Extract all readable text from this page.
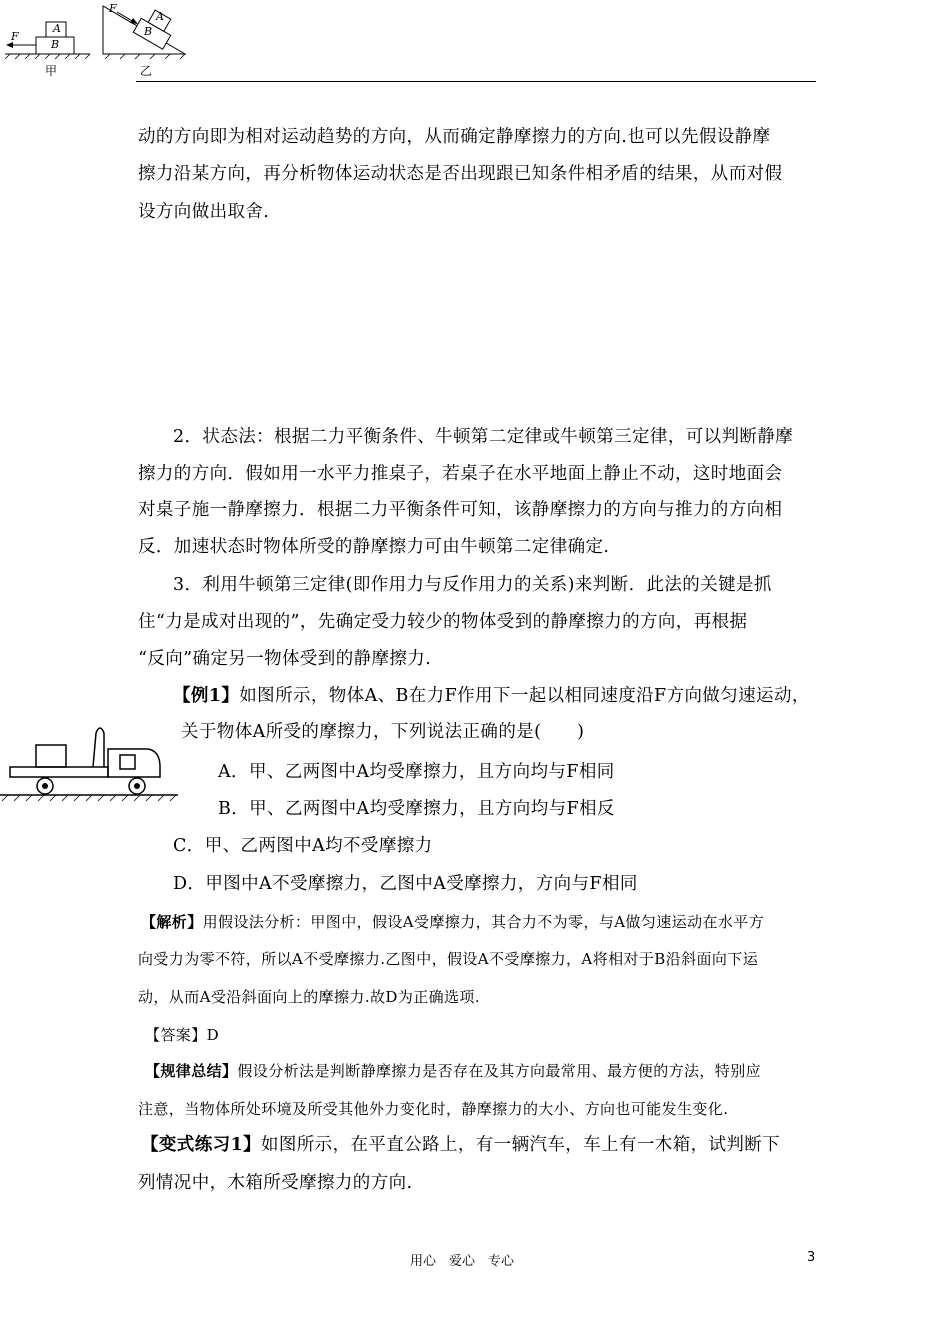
F
A
B
F
A
B
甲	乙
动的方向即为相对运动趋势的方向，从而确定静摩擦力的方向.也可以先假设静摩
擦力沿某方向，再分析物体运动状态是否出现跟已知条件相矛盾的结果，从而对假
设方向做出取舍.
2．状态法：根据二力平衡条件、牛顿第二定律或牛顿第三定律，可以判断静摩
擦力的方向．假如用一水平力推桌子，若桌子在水平地面上静止不动，这时地面会
对桌子施一静摩擦力．根据二力平衡条件可知，该静摩擦力的方向与推力的方向相
反．加速状态时物体所受的静摩擦力可由牛顿第二定律确定.
3．利用牛顿第三定律(即作用力与反作用力的关系)来判断．此法的关键是抓
住“力是成对出现的”，先确定受力较少的物体受到的静摩擦力的方向，再根据
“反向”确定另一物体受到的静摩擦力.
【例1】如图所示，物体A、B在力F作用下一起以相同速度沿F方向做匀速运动，
关于物体A所受的摩擦力，下列说法正确的是(　　)
A．甲、乙两图中A均受摩擦力，且方向均与F相同
B．甲、乙两图中A均受摩擦力，且方向均与F相反
C．甲、乙两图中A均不受摩擦力
D．甲图中A不受摩擦力，乙图中A受摩擦力，方向与F相同
【解析】用假设法分析：甲图中，假设A受摩擦力，其合力不为零，与A做匀速运动在水平方
向受力为零不符，所以A不受摩擦力.乙图中，假设A不受摩擦力，A将相对于B沿斜面向下运
动，从而A受沿斜面向上的摩擦力.故D为正确选项.
【答案】D
【规律总结】假设分析法是判断静摩擦力是否存在及其方向最常用、最方便的方法，特别应
注意，当物体所处环境及所受其他外力变化时，静摩擦力的大小、方向也可能发生变化.
【变式练习1】如图所示，在平直公路上，有一辆汽车，车上有一木箱，试判断下
列情况中，木箱所受摩擦力的方向.
用心　爱心　专心	3
